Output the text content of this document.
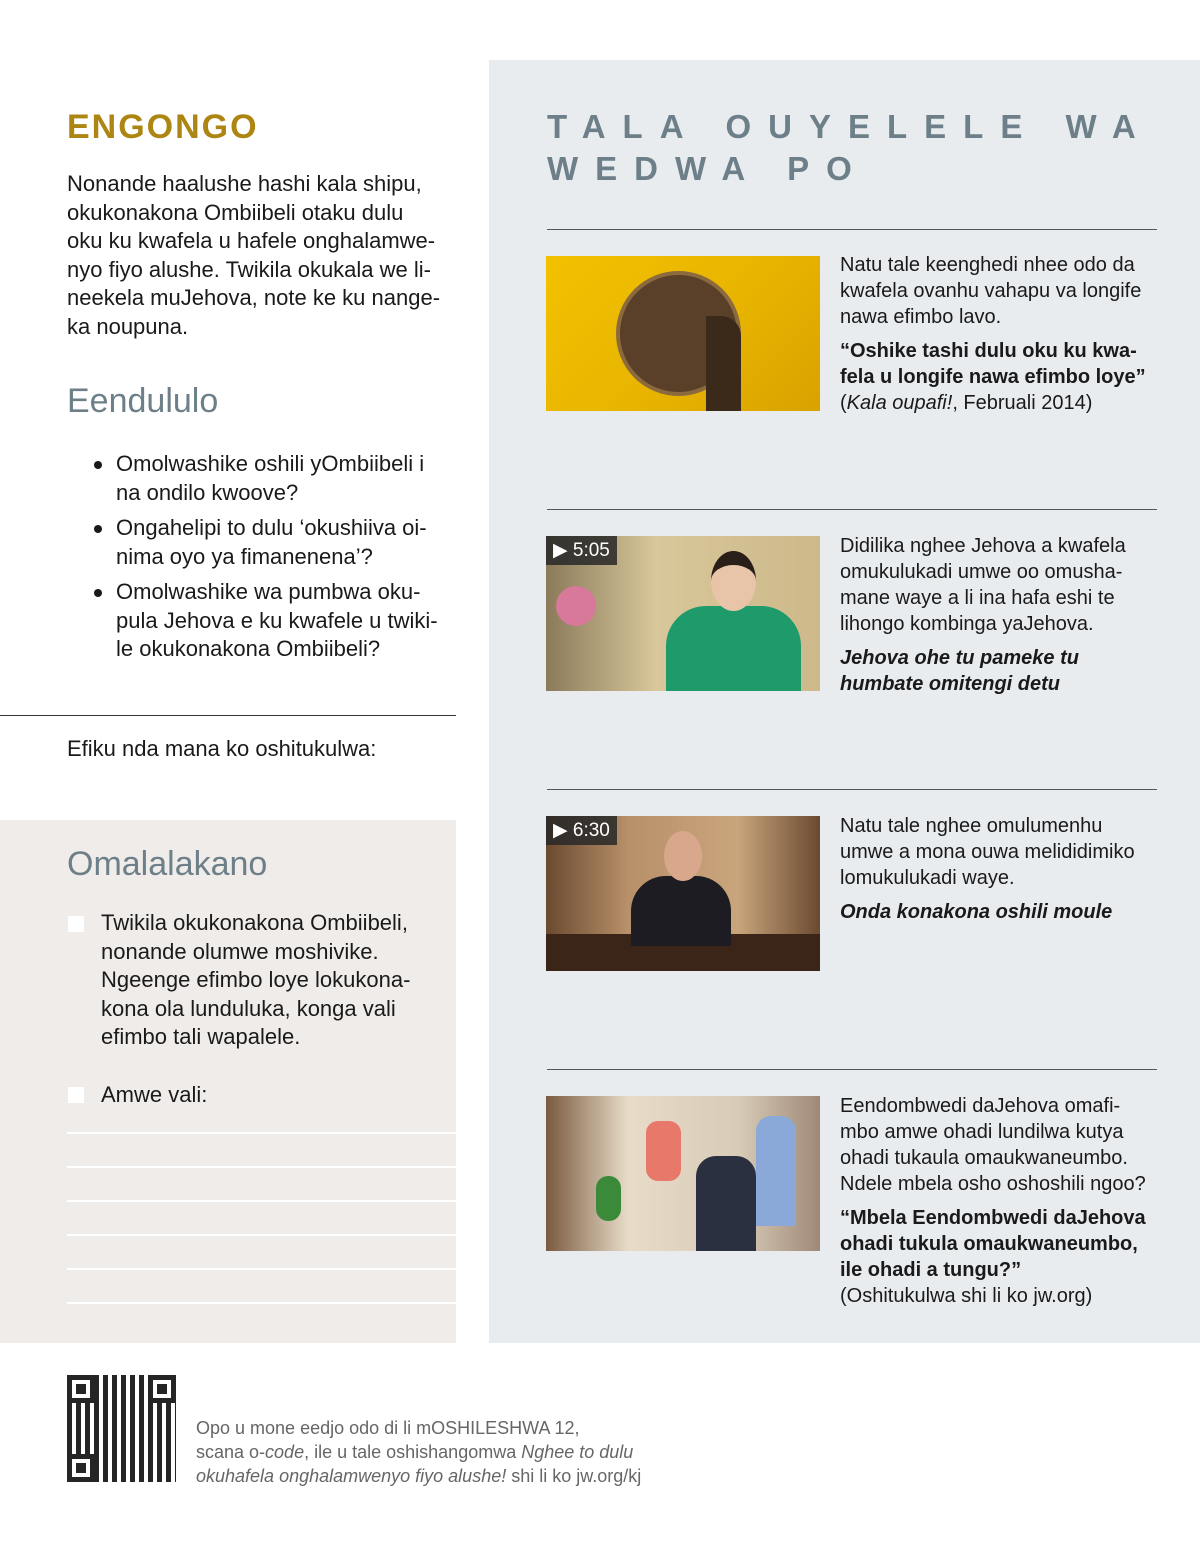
ENGONGO

Nonande haalushe hashi kala shipu,
okukonakona Ombiibeli otaku dulu
oku ku kwafela u hafele onghalamwe-
nyo fiyo alushe. Twikila okukala we li-
neekela muJehova, note ke ku nange-
ka noupuna.

Eendululo
Omolwashike oshili yOmbiibeli i
na ondilo kwoove?
Ongahelipi to dulu ‘okushiiva oi-
nima oyo ya fimanenena’?
Omolwashike wa pumbwa oku-
pula Jehova e ku kwafele u twiki-
le okukonakona Ombiibeli?

Efiku nda mana ko oshitukulwa:

Omalalakano

Twikila okukonakona Ombiibeli,
nonande olumwe moshivike.
Ngeenge efimbo loye lokukona-
kona ola lunduluka, konga vali
efimbo tali wapalele.

Amwe vali:

TALA OUYELELE WA
WEDWA PO

Natu tale keenghedi nhee odo da
kwafela ovanhu vahapu va longife
nawa efimbo lavo.

“Oshike tashi dulu oku ku kwa-
fela u longife nawa efimbo loye”

(Kala oupafi!, Februali 2014)

▶ 5:05	Didilika nghee Jehova a kwafela
omukulukadi umwe oo omusha-
mane waye a li ina hafa eshi te
lihongo kombinga yaJehova.

Jehova ohe tu pameke tu
humbate omitengi detu

▶ 6:30	Natu tale nghee omulumenhu
umwe a mona ouwa melididimiko
lomukulukadi waye.

Onda konakona oshili moule

Eendombwedi daJehova omafi-
mbo amwe ohadi lundilwa kutya
ohadi tukaula omaukwaneumbo.
Ndele mbela osho oshoshili ngoo?

“Mbela Eendombwedi daJehova
ohadi tukula omaukwaneumbo,
ile ohadi a tungu?”

(Oshitukulwa shi li ko jw.org)

Opo u mone eedjo odo di li mOSHILESHWA 12,
scana o-code, ile u tale oshishangomwa Nghee to dulu
okuhafela onghalamwenyo fiyo alushe! shi li ko jw.org/kj
